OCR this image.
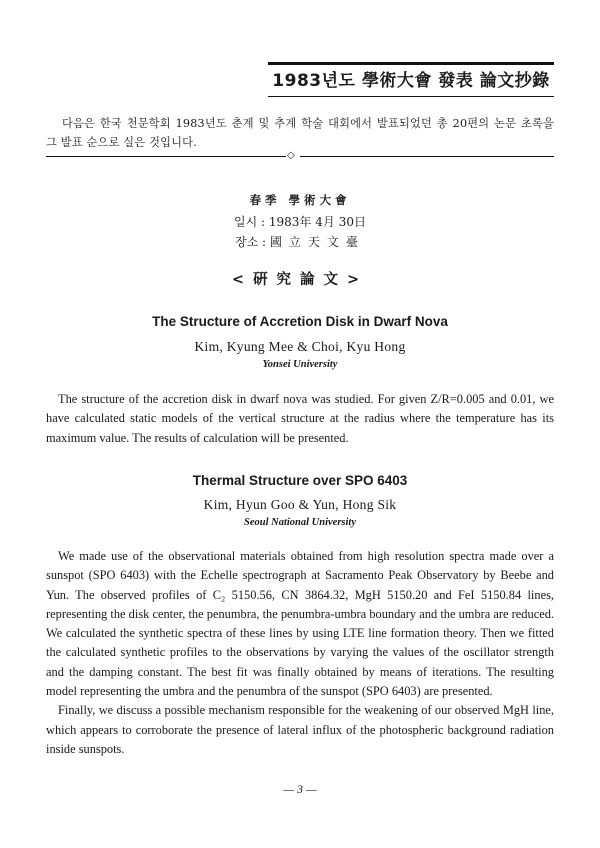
1983년도 學術大會 發表 論文抄錄
다음은 한국 천문학회 1983년도 춘계 및 추계 학술 대회에서 발표되었던 총 20편의 논문 초록을 그 발표 순으로 실은 것입니다.
◇
春季 學術大會
일시 : 1983年 4月 30日
장소 : 國立天文臺
<硏究論文>
The Structure of Accretion Disk in Dwarf Nova
Kim, Kyung Mee & Choi, Kyu Hong
Yonsei University

The structure of the accretion disk in dwarf nova was studied. For given Z/R=0.005 and 0.01, we have calculated static models of the vertical structure at the radius where the temperature has its maximum value. The results of calculation will be presented.

Thermal Structure over SPO 6403
Kim, Hyun Goo & Yun, Hong Sik
Seoul National University

We made use of the observational materials obtained from high resolution spectra made over a sunspot (SPO 6403) with the Echelle spectrograph at Sacramento Peak Observatory by Beebe and Yun. The observed profiles of C₂ 5150.56, CN 3864.32, MgH 5150.20 and FeI 5150.84 lines, representing the disk center, the penumbra, the penumbra-umbra boundary and the umbra are reduced. We calculated the synthetic spectra of these lines by using LTE line formation theory. Then we fitted the calculated synthetic profiles to the observations by varying the values of the oscillator strength and the damping constant. The best fit was finally obtained by means of iterations. The resulting model representing the umbra and the penumbra of the sunspot (SPO 6403) are presented.

Finally, we discuss a possible mechanism responsible for the weakening of our observed MgH line, which appears to corroborate the presence of lateral influx of the photospheric background radiation inside sunspots.

— 3 —
